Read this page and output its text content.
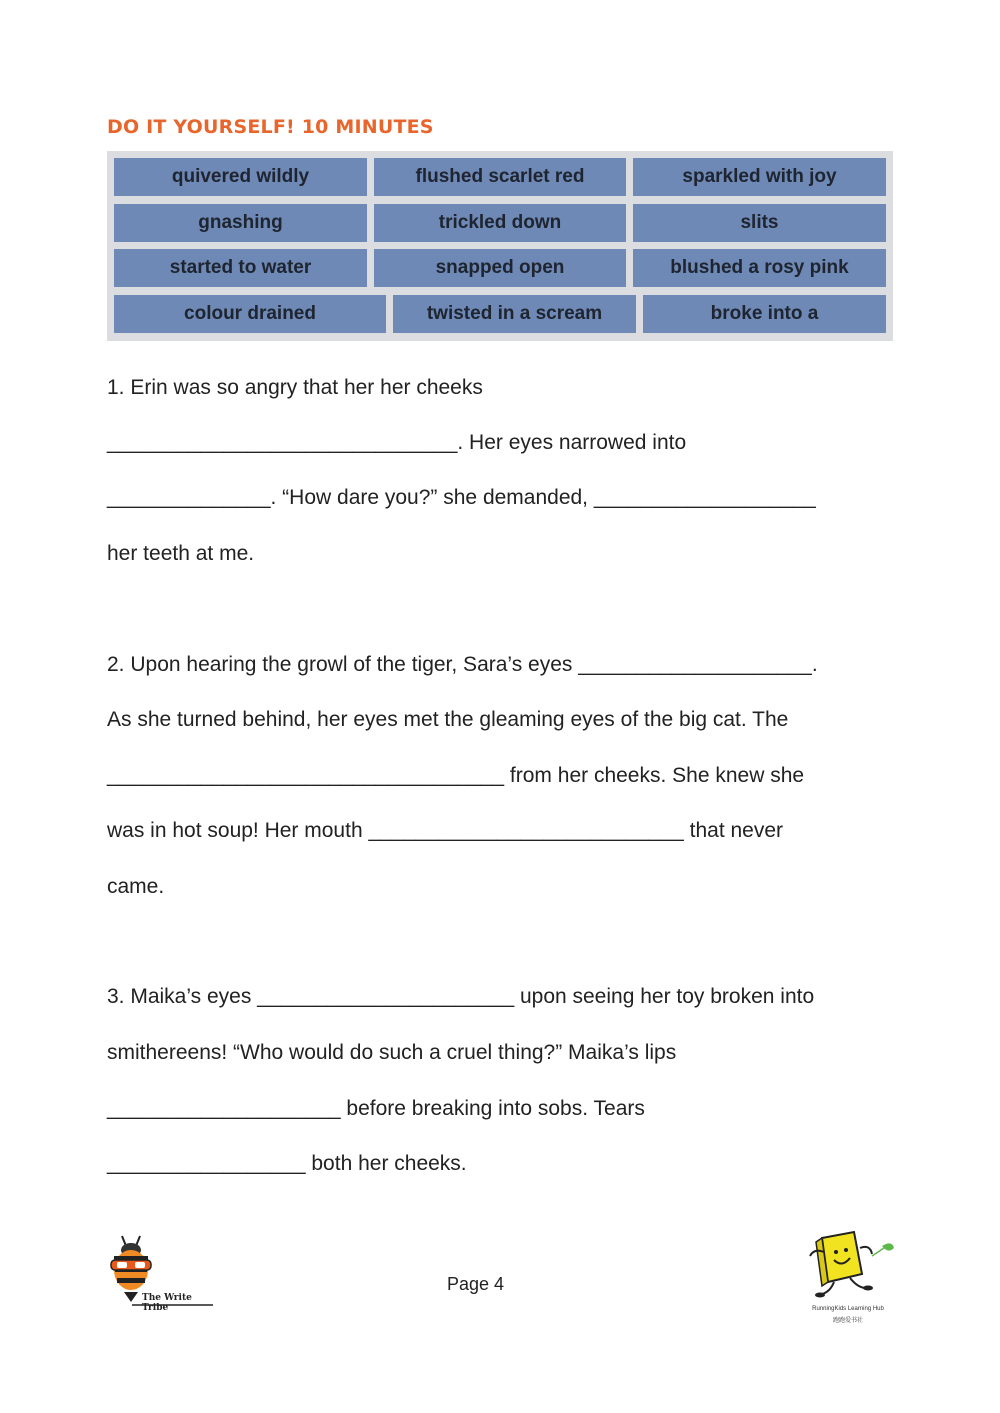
DO IT YOURSELF! 10 MINUTES
quivered wildly	flushed scarlet red	sparkled with joy
gnashing	trickled down	slits
started to water	snapped open	blushed a rosy pink
colour drained	twisted in a scream	broke into a
1. Erin was so angry that her her cheeks
______________________________. Her eyes narrowed into
______________. “How dare you?” she demanded, ___________________
her teeth at me.
2. Upon hearing the growl of the tiger, Sara’s eyes ____________________.
As she turned behind, her eyes met the gleaming eyes of the big cat. The
__________________________________ from her cheeks. She knew she
was in hot soup! Her mouth ___________________________ that never
came.
3. Maika’s eyes ______________________ upon seeing her toy broken into
smithereens! “Who would do such a cruel thing?” Maika’s lips
____________________ before breaking into sobs. Tears
_________________ both her cheeks.
The Write Tribe
Page 4
RunningKids Learning Hub
跑跑爱书社
